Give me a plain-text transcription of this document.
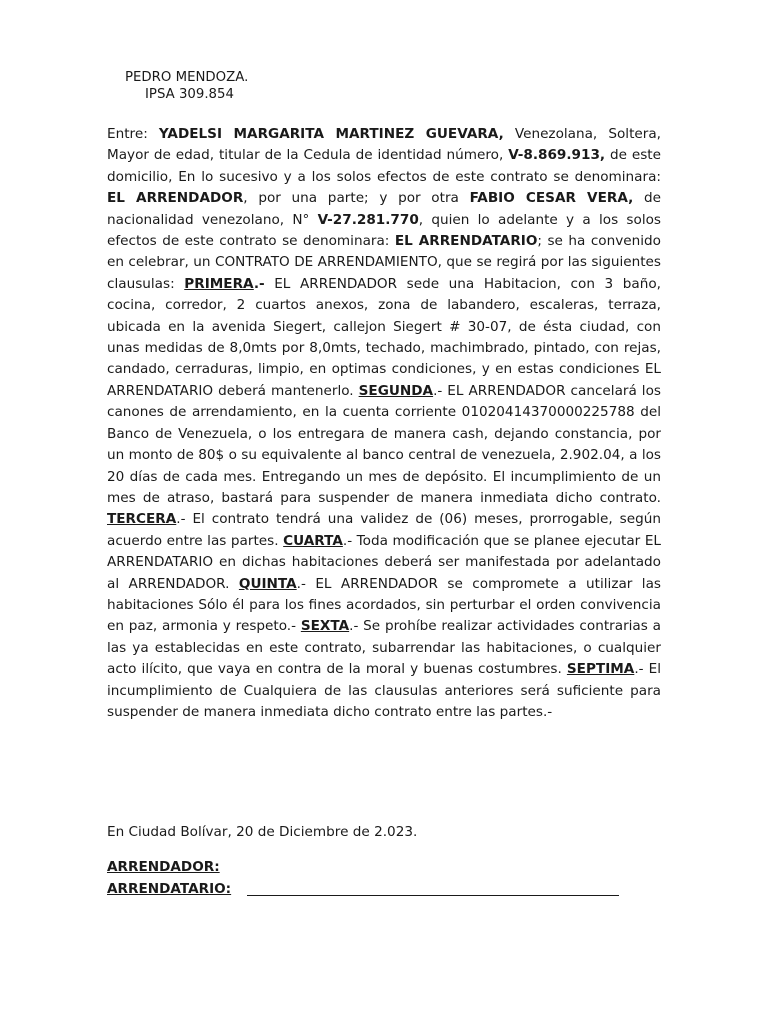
PEDRO MENDOZA.
IPSA 309.854
Entre: YADELSI MARGARITA MARTINEZ GUEVARA, Venezolana, Soltera, Mayor de edad, titular de la Cedula de identidad número, V-8.869.913, de este domicilio, En lo sucesivo y a los solos efectos de este contrato se denominara: EL ARRENDADOR, por una parte; y por otra FABIO CESAR VERA, de nacionalidad venezolano, N° V-27.281.770, quien lo adelante y a los solos efectos de este contrato se denominara: EL ARRENDATARIO; se ha convenido en celebrar, un CONTRATO DE ARRENDAMIENTO, que se regirá por las siguientes clausulas: PRIMERA.- EL ARRENDADOR sede una Habitacion, con 3 baño, cocina, corredor, 2 cuartos anexos, zona de labandero, escaleras, terraza, ubicada en la avenida Siegert, callejon Siegert # 30-07, de ésta ciudad, con unas medidas de 8,0mts por 8,0mts, techado, machimbrado, pintado, con rejas, candado, cerraduras, limpio, en optimas condiciones, y en estas condiciones EL ARRENDATARIO deberá mantenerlo. SEGUNDA.- EL ARRENDADOR cancelará los canones de arrendamiento, en la cuenta corriente 01020414370000225788 del Banco de Venezuela, o los entregara de manera cash, dejando constancia, por un monto de 80$ o su equivalente al banco central de venezuela, 2.902.04, a los 20 días de cada mes. Entregando un mes de depósito. El incumplimiento de un mes de atraso, bastará para suspender de manera inmediata dicho contrato. TERCERA.- El contrato tendrá una validez de (06) meses, prorrogable, según acuerdo entre las partes. CUARTA.- Toda modificación que se planee ejecutar EL ARRENDATARIO en dichas habitaciones deberá ser manifestada por adelantado al ARRENDADOR. QUINTA.- EL ARRENDADOR se compromete a utilizar las habitaciones Sólo él para los fines acordados, sin perturbar el orden convivencia en paz, armonia y respeto.- SEXTA.- Se prohíbe realizar actividades contrarias a las ya establecidas en este contrato, subarrendar las habitaciones, o cualquier acto ilícito, que vaya en contra de la moral y buenas costumbres. SEPTIMA.- El incumplimiento de Cualquiera de las clausulas anteriores será suficiente para suspender de manera inmediata dicho contrato entre las partes.-
En Ciudad Bolívar, 20 de Diciembre de 2.023.
ARRENDADOR:
ARRENDATARIO:
